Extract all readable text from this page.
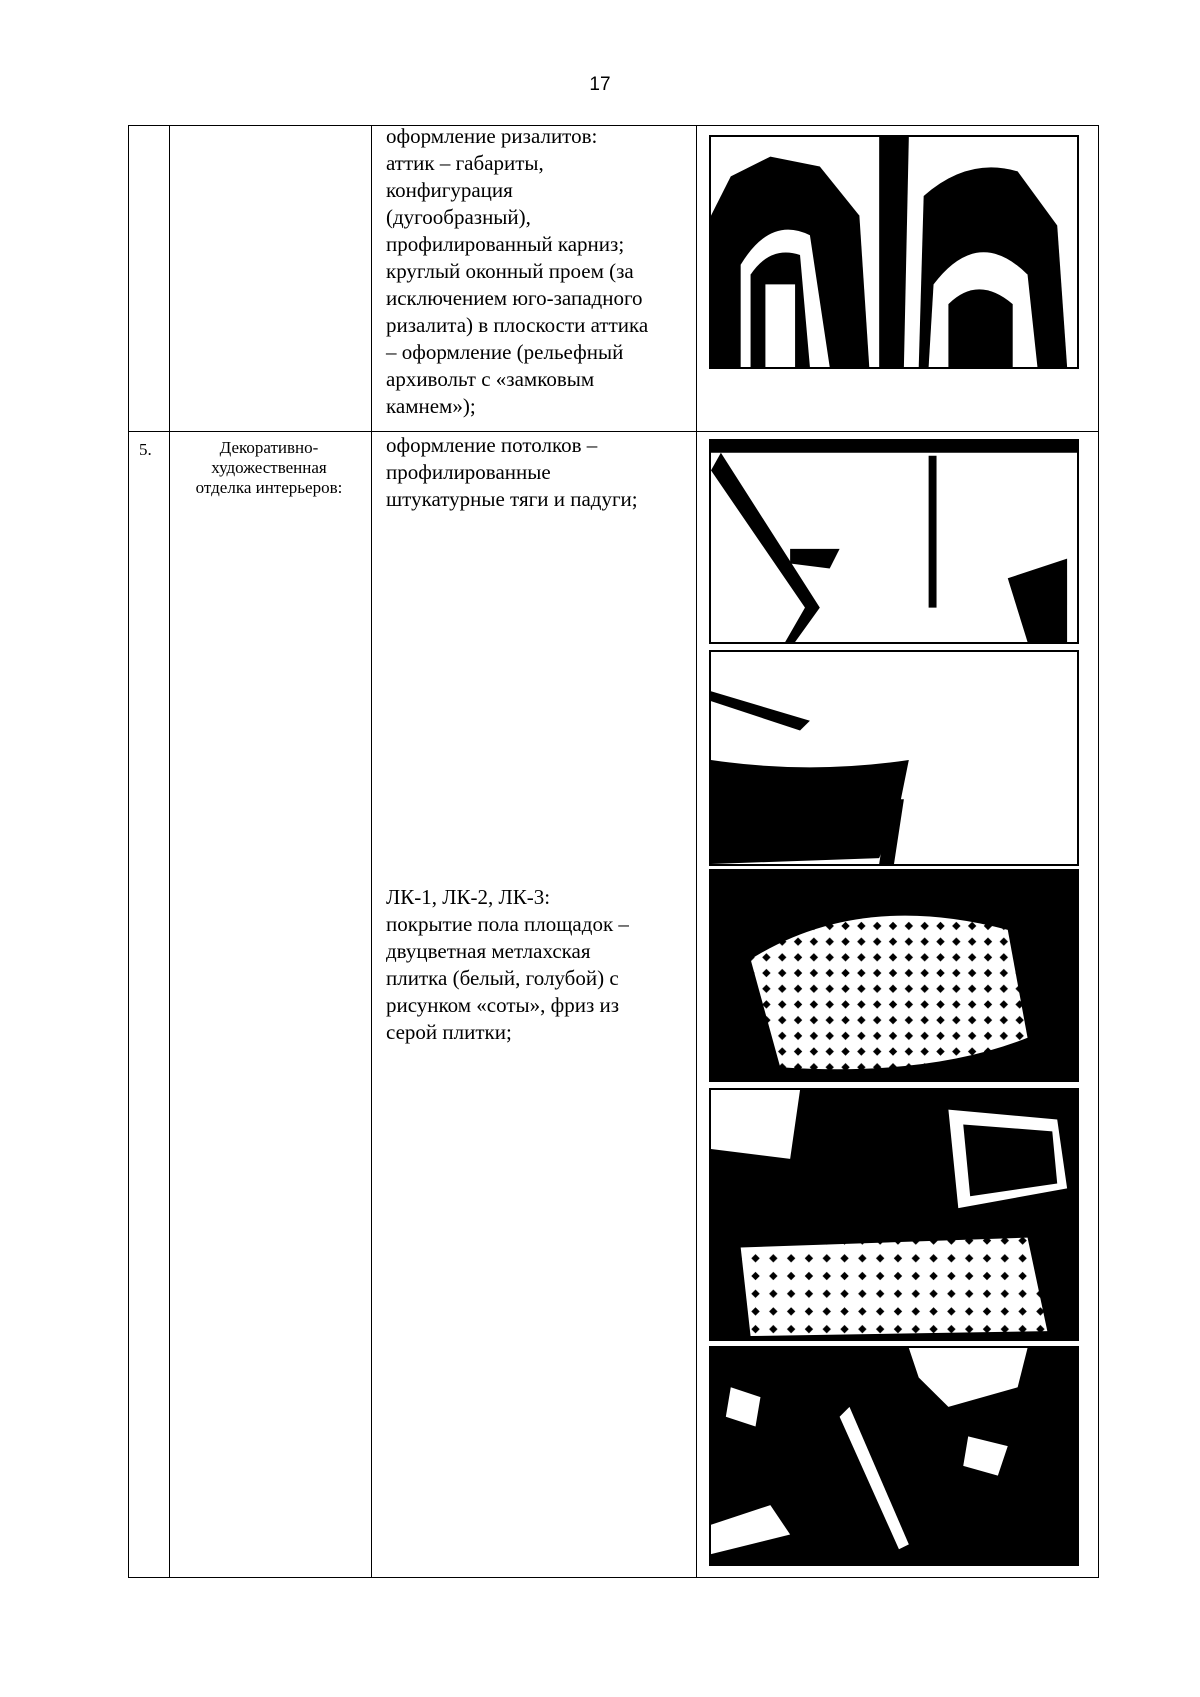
17
оформление ризалитов:
аттик – габариты,
конфигурация
(дугообразный),
профилированный карниз;
круглый оконный проем (за
исключением юго-западного
ризалита) в плоскости аттика
– оформление (рельефный
архивольт с «замковым
камнем»);
5.	Декоративно-
художественная
отделка интерьеров:
оформление потолков –
профилированные
штукатурные тяги и падуги;
ЛК-1, ЛК-2, ЛК-3:
покрытие пола площадок –
двуцветная метлахская
плитка (белый, голубой) с
рисунком «соты», фриз из
серой плитки;
